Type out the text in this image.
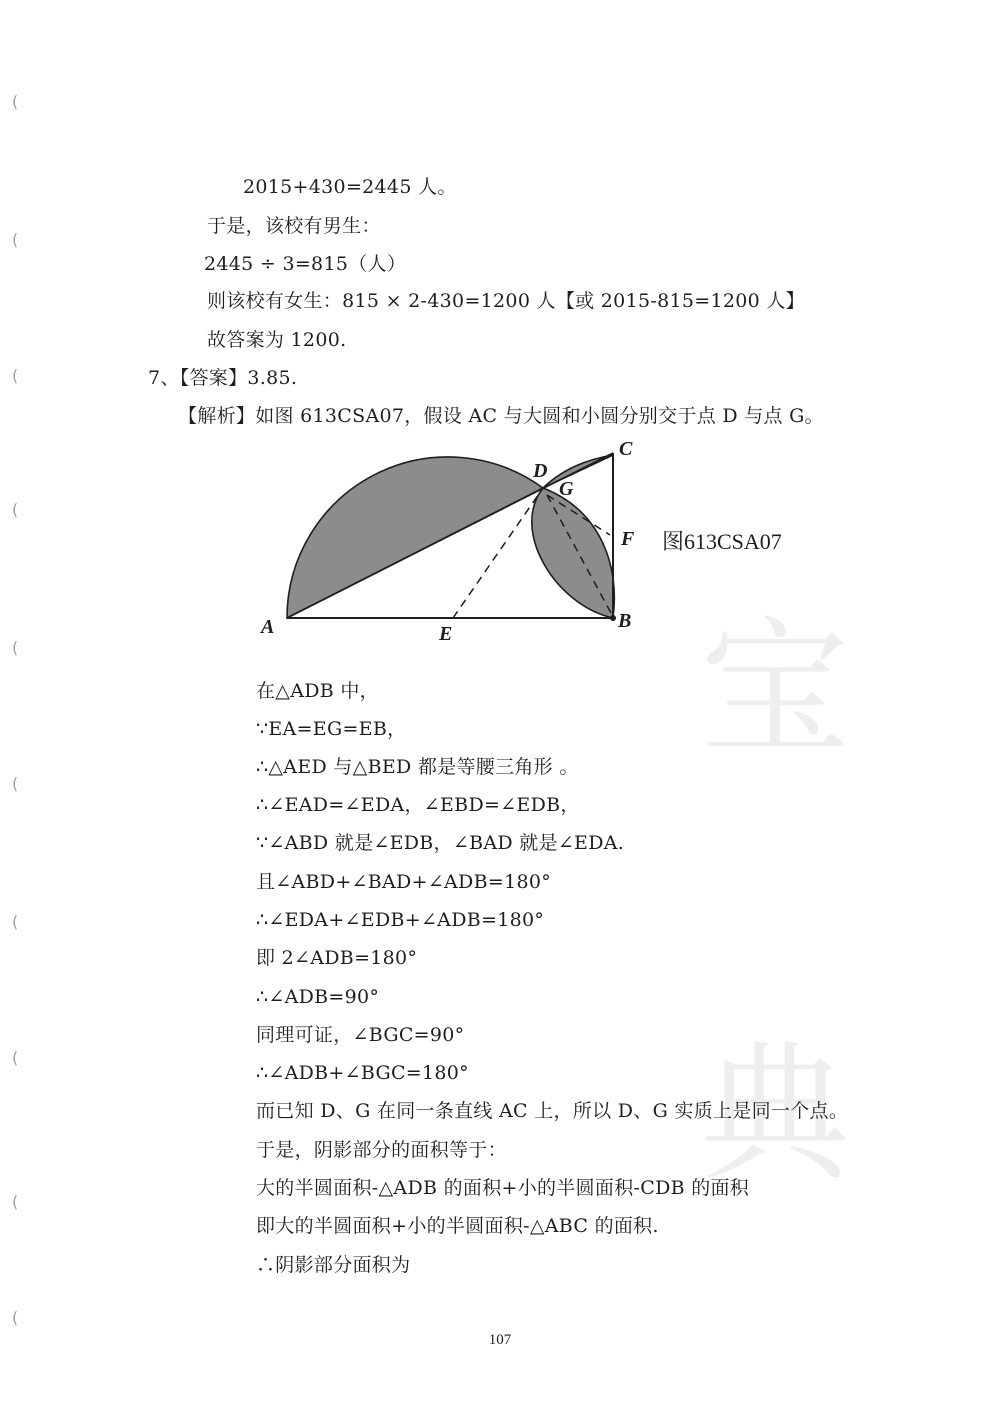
(
(
(
(
(
(
(
(
(
(
宝
典
2015+430=2445 人。
于是，该校有男生：
2445 ÷ 3=815（人）
则该校有女生：815 × 2-430=1200 人【或 2015-815=1200 人】
故答案为 1200.
7、【答案】3.85.
【解析】如图 613CSA07，假设 AC 与大圆和小圆分别交于点 D 与点 G。
A	B
C
D
E
F
G
图613CSA07
在△ADB 中，
∵EA=EG=EB，
∴△AED 与△BED 都是等腰三角形 。
∴∠EAD=∠EDA，∠EBD=∠EDB，
∵∠ABD 就是∠EDB，∠BAD 就是∠EDA.
且∠ABD+∠BAD+∠ADB=180°
∴∠EDA+∠EDB+∠ADB=180°
即 2∠ADB=180°
∴∠ADB=90°
同理可证，∠BGC=90°
∴∠ADB+∠BGC=180°
而已知 D、G 在同一条直线 AC 上，所以 D、G 实质上是同一个点。
于是，阴影部分的面积等于：
大的半圆面积-△ADB 的面积+小的半圆面积-CDB 的面积
即大的半圆面积+小的半圆面积-△ABC 的面积.
∴阴影部分面积为
107
